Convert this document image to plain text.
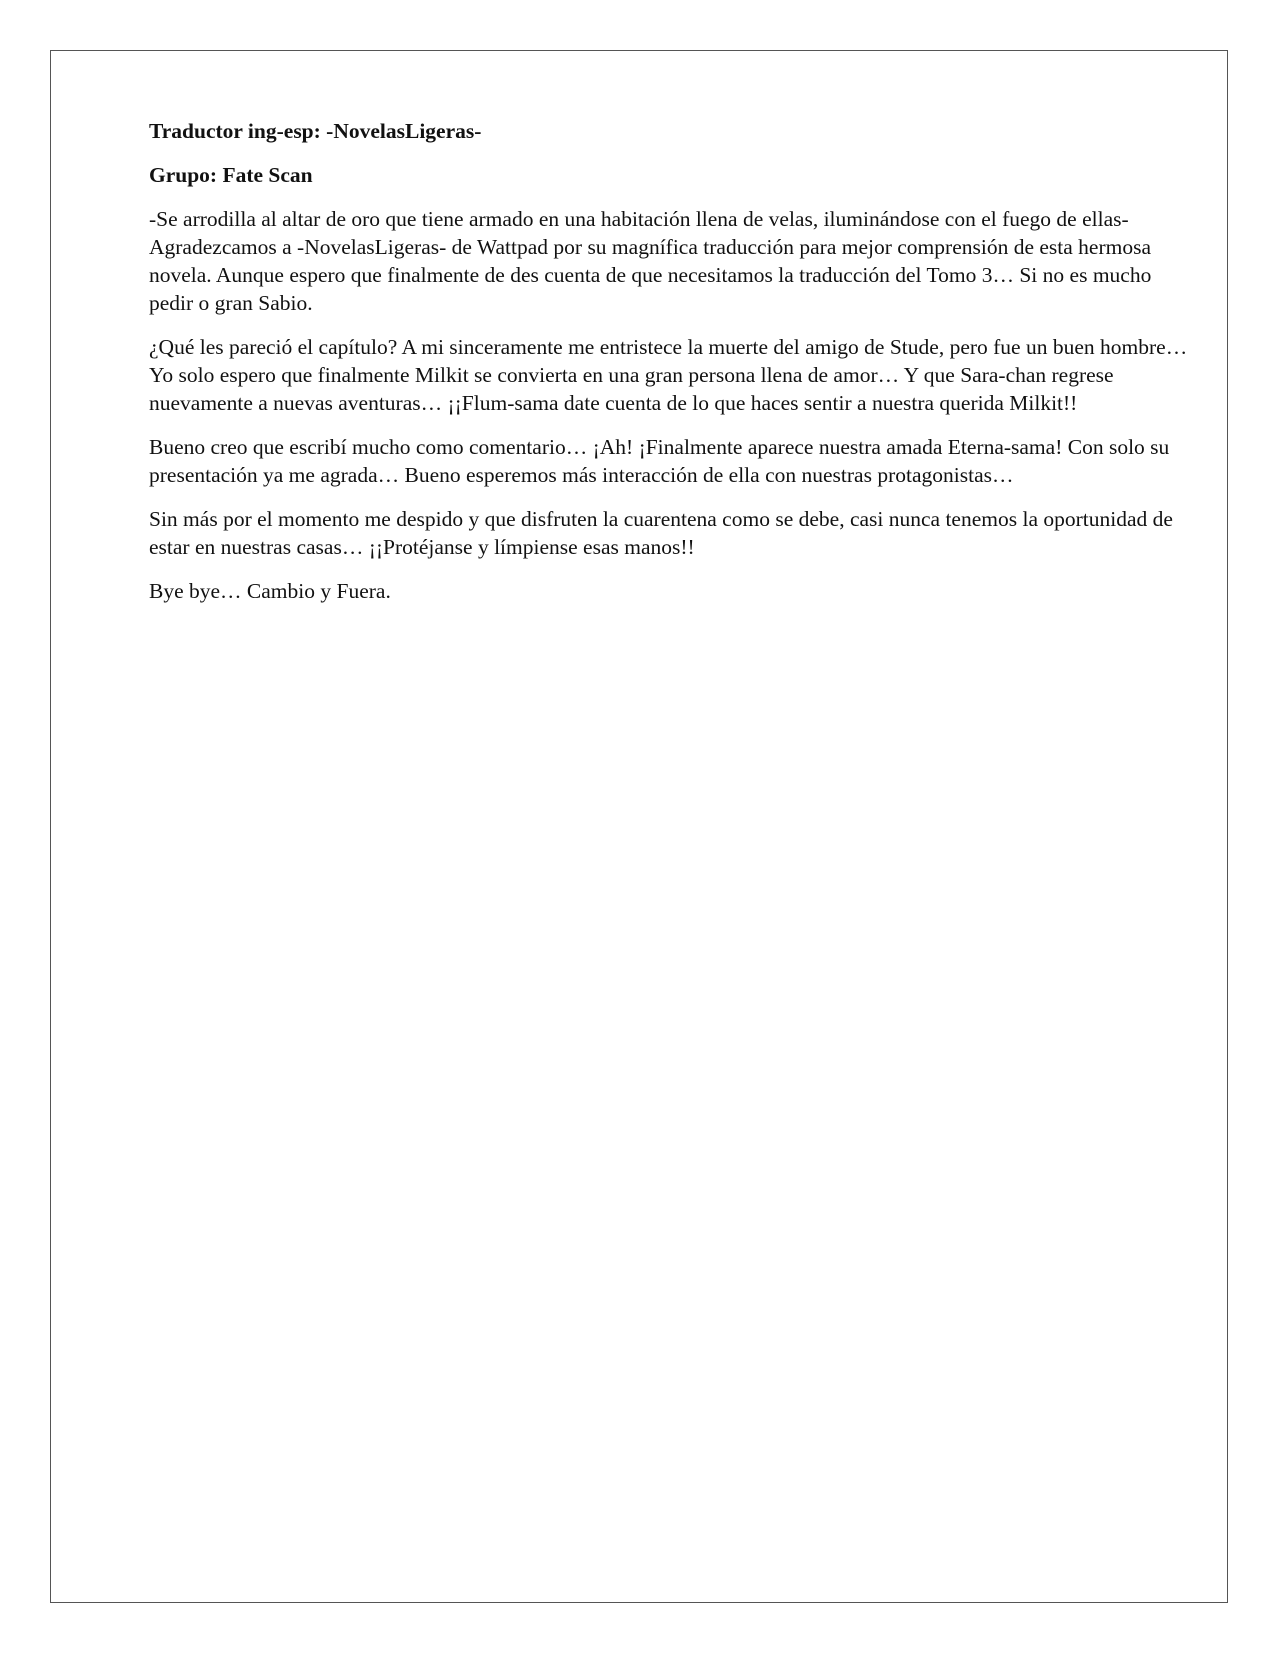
Traductor ing-esp: -NovelasLigeras-

Grupo: Fate Scan

-Se arrodilla al altar de oro que tiene armado en una habitación llena de velas, iluminándose con el fuego de ellas- Agradezcamos a -NovelasLigeras- de Wattpad por su magnífica traducción para mejor comprensión de esta hermosa novela. Aunque espero que finalmente de des cuenta de que necesitamos la traducción del Tomo 3… Si no es mucho pedir o gran Sabio.

¿Qué les pareció el capítulo? A mi sinceramente me entristece la muerte del amigo de Stude, pero fue un buen hombre… Yo solo espero que finalmente Milkit se convierta en una gran persona llena de amor… Y que Sara-chan regrese nuevamente a nuevas aventuras… ¡¡Flum-sama date cuenta de lo que haces sentir a nuestra querida Milkit!!

Bueno creo que escribí mucho como comentario… ¡Ah! ¡Finalmente aparece nuestra amada Eterna-sama! Con solo su presentación ya me agrada… Bueno esperemos más interacción de ella con nuestras protagonistas…

Sin más por el momento me despido y que disfruten la cuarentena como se debe, casi nunca tenemos la oportunidad de estar en nuestras casas… ¡¡Protéjanse y límpiense esas manos!!

Bye bye… Cambio y Fuera.
